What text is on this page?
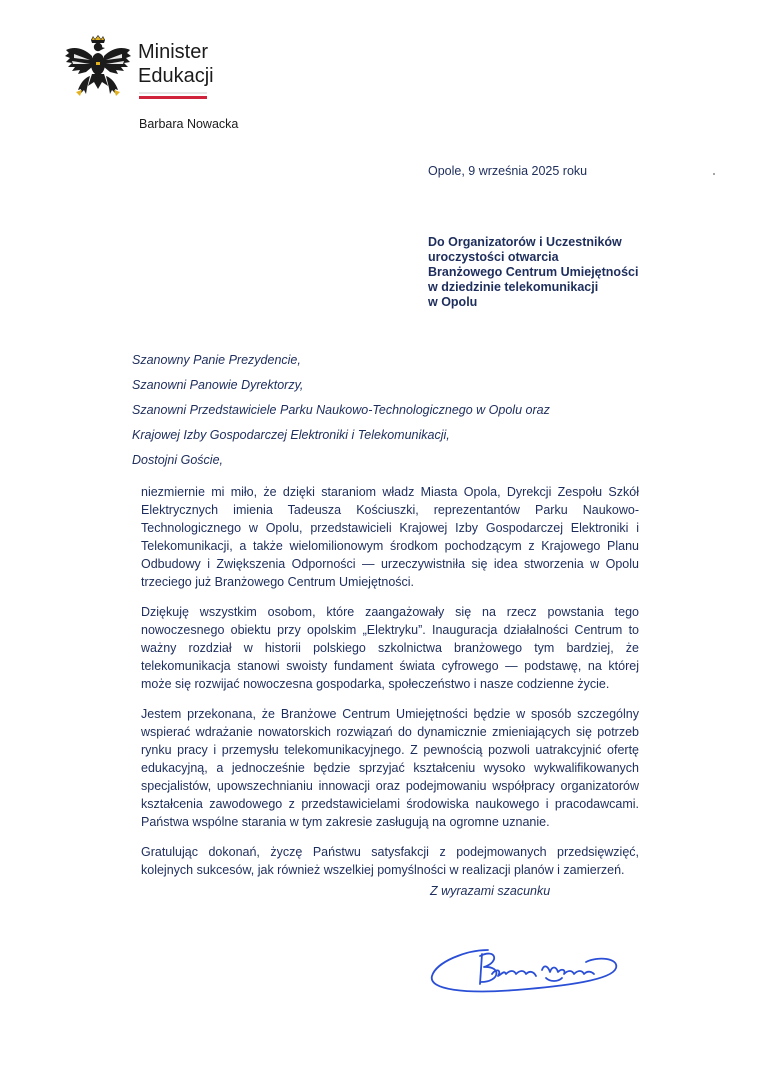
Minister
Edukacji
Barbara Nowacka
Opole, 9 września 2025 roku
Do Organizatorów i Uczestników
uroczystości otwarcia
Branżowego Centrum Umiejętności
w dziedzinie telekomunikacji
w Opolu
Szanowny Panie Prezydencie,
Szanowni Panowie Dyrektorzy,
Szanowni Przedstawiciele Parku Naukowo-Technologicznego w Opolu oraz
Krajowej Izby Gospodarczej Elektroniki i Telekomunikacji,
Dostojni Goście,

niezmiernie mi miło, że dzięki staraniom władz Miasta Opola, Dyrekcji Zespołu Szkół Elektrycznych imienia Tadeusza Kościuszki, reprezentantów Parku Naukowo-Technologicznego w Opolu, przedstawicieli Krajowej Izby Gospodarczej Elektroniki i Telekomunikacji, a także wielomilionowym środkom pochodzącym z Krajowego Planu Odbudowy i Zwiększenia Odporności — urzeczywistniła się idea stworzenia w Opolu trzeciego już Branżowego Centrum Umiejętności.

Dziękuję wszystkim osobom, które zaangażowały się na rzecz powstania tego nowoczesnego obiektu przy opolskim „Elektryku”. Inauguracja działalności Centrum to ważny rozdział w historii polskiego szkolnictwa branżowego tym bardziej, że telekomunikacja stanowi swoisty fundament świata cyfrowego — podstawę, na której może się rozwijać nowoczesna gospodarka, społeczeństwo i nasze codzienne życie.

Jestem przekonana, że Branżowe Centrum Umiejętności będzie w sposób szczególny wspierać wdrażanie nowatorskich rozwiązań do dynamicznie zmieniających się potrzeb rynku pracy i przemysłu telekomunikacyjnego. Z pewnością pozwoli uatrakcyjnić ofertę edukacyjną, a jednocześnie będzie sprzyjać kształceniu wysoko wykwalifikowanych specjalistów, upowszechnianiu innowacji oraz podejmowaniu współpracy organizatorów kształcenia zawodowego z przedstawicielami środowiska naukowego i pracodawcami. Państwa wspólne starania w tym zakresie zasługują na ogromne uznanie.

Gratulując dokonań, życzę Państwu satysfakcji z podejmowanych przedsięwzięć, kolejnych sukcesów, jak również wszelkiej pomyślności w realizacji planów i zamierzeń.

Z wyrazami szacunku
